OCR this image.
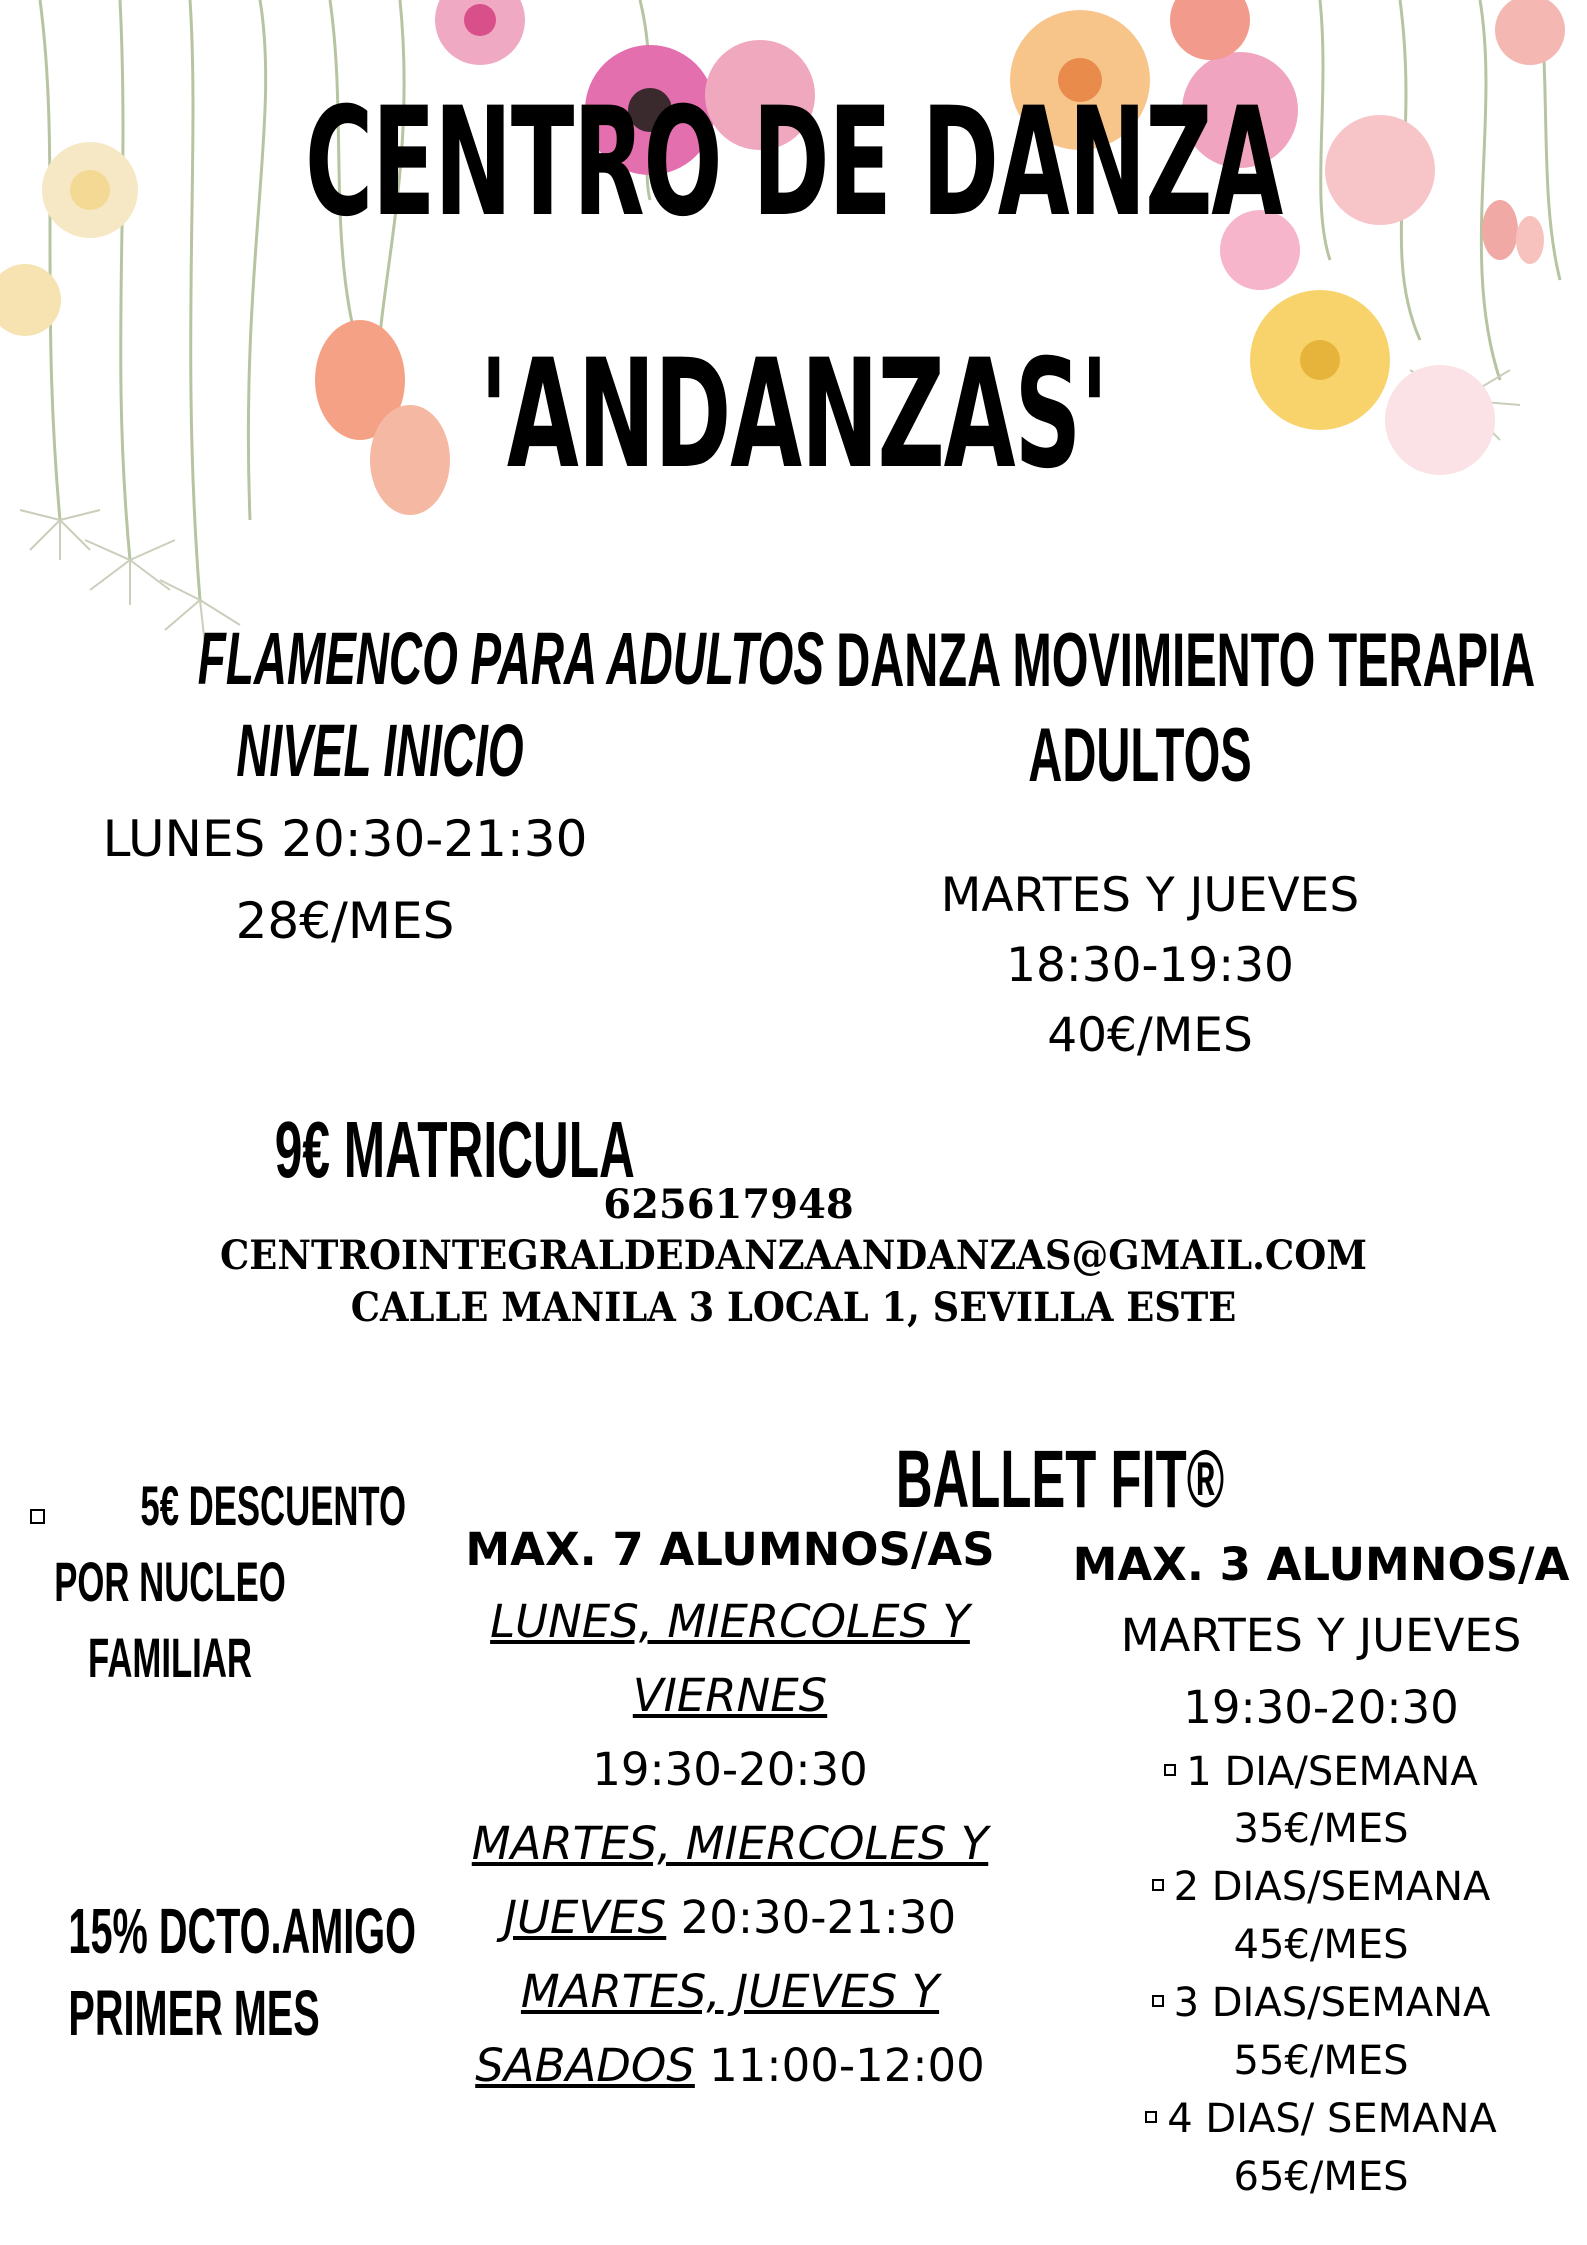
CENTRO DE DANZA
'ANDANZAS'
FLAMENCO PARA ADULTOS
NIVEL INICIO
LUNES 20:30-21:30
28€/MES
DANZA MOVIMIENTO TERAPIA
ADULTOS
MARTES Y JUEVES
18:30-19:30
40€/MES
9€ MATRICULA
625617948
CENTROINTEGRALDEDANZAANDANZAS@GMAIL.COM
CALLE MANILA 3 LOCAL 1, SEVILLA ESTE
5€ DESCUENTO
POR NUCLEO
FAMILIAR
15% DCTO.AMIGO
PRIMER MES
BALLET FIT®
MAX. 7 ALUMNOS/AS
LUNES, MIERCOLES Y
VIERNES
19:30-20:30
MARTES, MIERCOLES Y
JUEVES 20:30-21:30
MARTES, JUEVES Y
SABADOS 11:00-12:00
MAX. 3 ALUMNOS/A
MARTES Y JUEVES
19:30-20:30
1 DIA/SEMANA
35€/MES
2 DIAS/SEMANA
45€/MES
3 DIAS/SEMANA
55€/MES
4 DIAS/ SEMANA
65€/MES
